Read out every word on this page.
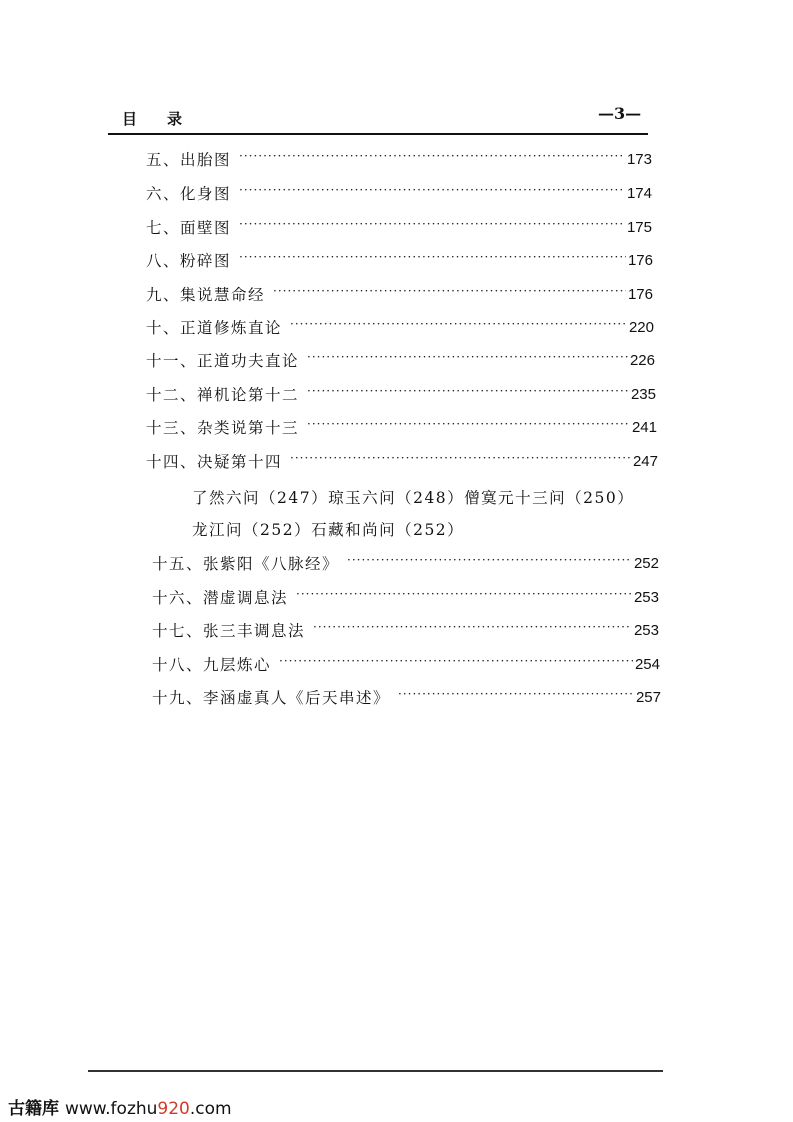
目录	—3—
五、出胎图 ·····	173
六、化身图 ·····	174
七、面壁图 ·····	175
八、粉碎图 ·····	176
九、集说慧命经 ·····	176
十、正道修炼直论 ·····	220
十一、正道功夫直论 ·····	226
十二、禅机论第十二 ·····	235
十三、杂类说第十三 ·····	241
十四、决疑第十四 ·····	247
了然六问（247）琼玉六问（248）僧寞元十三问（250）
龙江问（252）石藏和尚问（252）
十五、张紫阳《八脉经》 ·····	252
十六、潜虚调息法 ·····	253
十七、张三丰调息法 ·····	253
十八、九层炼心 ·····	254
十九、李涵虚真人《后天串述》 ·····	257
古籍库 www.fozhu920.com
